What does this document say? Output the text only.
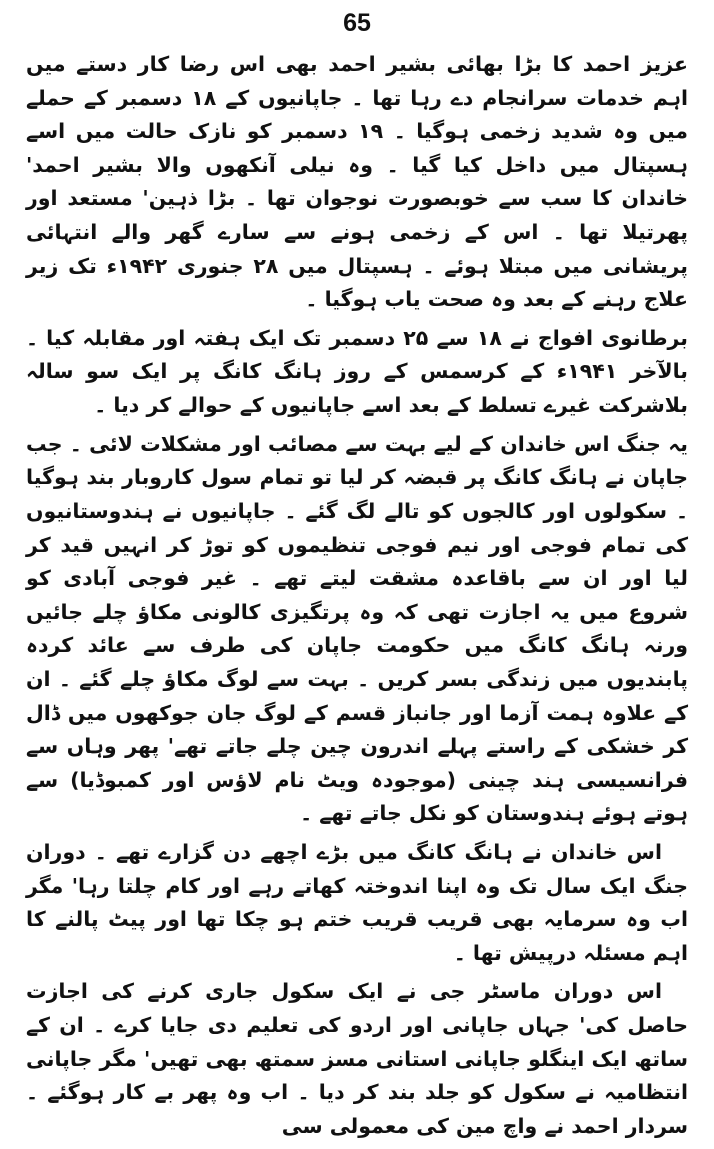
65

عزیز احمد کا بڑا بھائی بشیر احمد بھی اس رضا کار دستے میں اہم خدمات سرانجام دے رہا تھا ۔ جاپانیوں کے ۱۸ دسمبر کے حملے میں وہ شدید زخمی ہوگیا ۔ ۱۹ دسمبر کو نازک حالت میں اسے ہسپتال میں داخل کیا گیا ۔ وہ نیلی آنکھوں والا بشیر احمد' خاندان کا سب سے خوبصورت نوجوان تھا ۔ بڑا ذہین' مستعد اور پھرتیلا تھا ۔ اس کے زخمی ہونے سے سارے گھر والے انتہائی پریشانی میں مبتلا ہوئے ۔ ہسپتال میں ۲۸ جنوری ۱۹۴۲ء تک زیر علاج رہنے کے بعد وہ صحت یاب ہوگیا ۔

برطانوی افواج نے ۱۸ سے ۲۵ دسمبر تک ایک ہفتہ اور مقابلہ کیا ۔ بالآخر ۱۹۴۱ء کے کرسمس کے روز ہانگ کانگ پر ایک سو سالہ بلاشرکت غیرے تسلط کے بعد اسے جاپانیوں کے حوالے کر دیا ۔

یہ جنگ اس خاندان کے لیے بہت سے مصائب اور مشکلات لائی ۔ جب جاپان نے ہانگ کانگ پر قبضہ کر لیا تو تمام سول کاروبار بند ہوگیا ۔ سکولوں اور کالجوں کو تالے لگ گئے ۔ جاپانیوں نے ہندوستانیوں کی تمام فوجی اور نیم فوجی تنظیموں کو توڑ کر انہیں قید کر لیا اور ان سے باقاعدہ مشقت لیتے تھے ۔ غیر فوجی آبادی کو شروع میں یہ اجازت تھی کہ وہ پرتگیزی کالونی مکاؤ چلے جائیں ورنہ ہانگ کانگ میں حکومت جاپان کی طرف سے عائد کردہ پابندیوں میں زندگی بسر کریں ۔ بہت سے لوگ مکاؤ چلے گئے ۔ ان کے علاوہ ہمت آزما اور جانباز قسم کے لوگ جان جوکھوں میں ڈال کر خشکی کے راستے پہلے اندرون چین چلے جاتے تھے' پھر وہاں سے فرانسیسی ہند چینی (موجودہ ویٹ نام لاؤس اور کمبوڈیا) سے ہوتے ہوئے ہندوستان کو نکل جاتے تھے ۔

اس خاندان نے ہانگ کانگ میں بڑے اچھے دن گزارے تھے ۔ دوران جنگ ایک سال تک وہ اپنا اندوختہ کھاتے رہے اور کام چلتا رہا' مگر اب وہ سرمایہ بھی قریب قریب ختم ہو چکا تھا اور پیٹ پالنے کا اہم مسئلہ درپیش تھا ۔

اس دوران ماسٹر جی نے ایک سکول جاری کرنے کی اجازت حاصل کی' جہاں جاپانی اور اردو کی تعلیم دی جایا کرے ۔ ان کے ساتھ ایک اینگلو جاپانی استانی مسز سمتھ بھی تھیں' مگر جاپانی انتظامیہ نے سکول کو جلد بند کر دیا ۔ اب وہ پھر بے کار ہوگئے ۔ سردار احمد نے واچ مین کی معمولی سی
